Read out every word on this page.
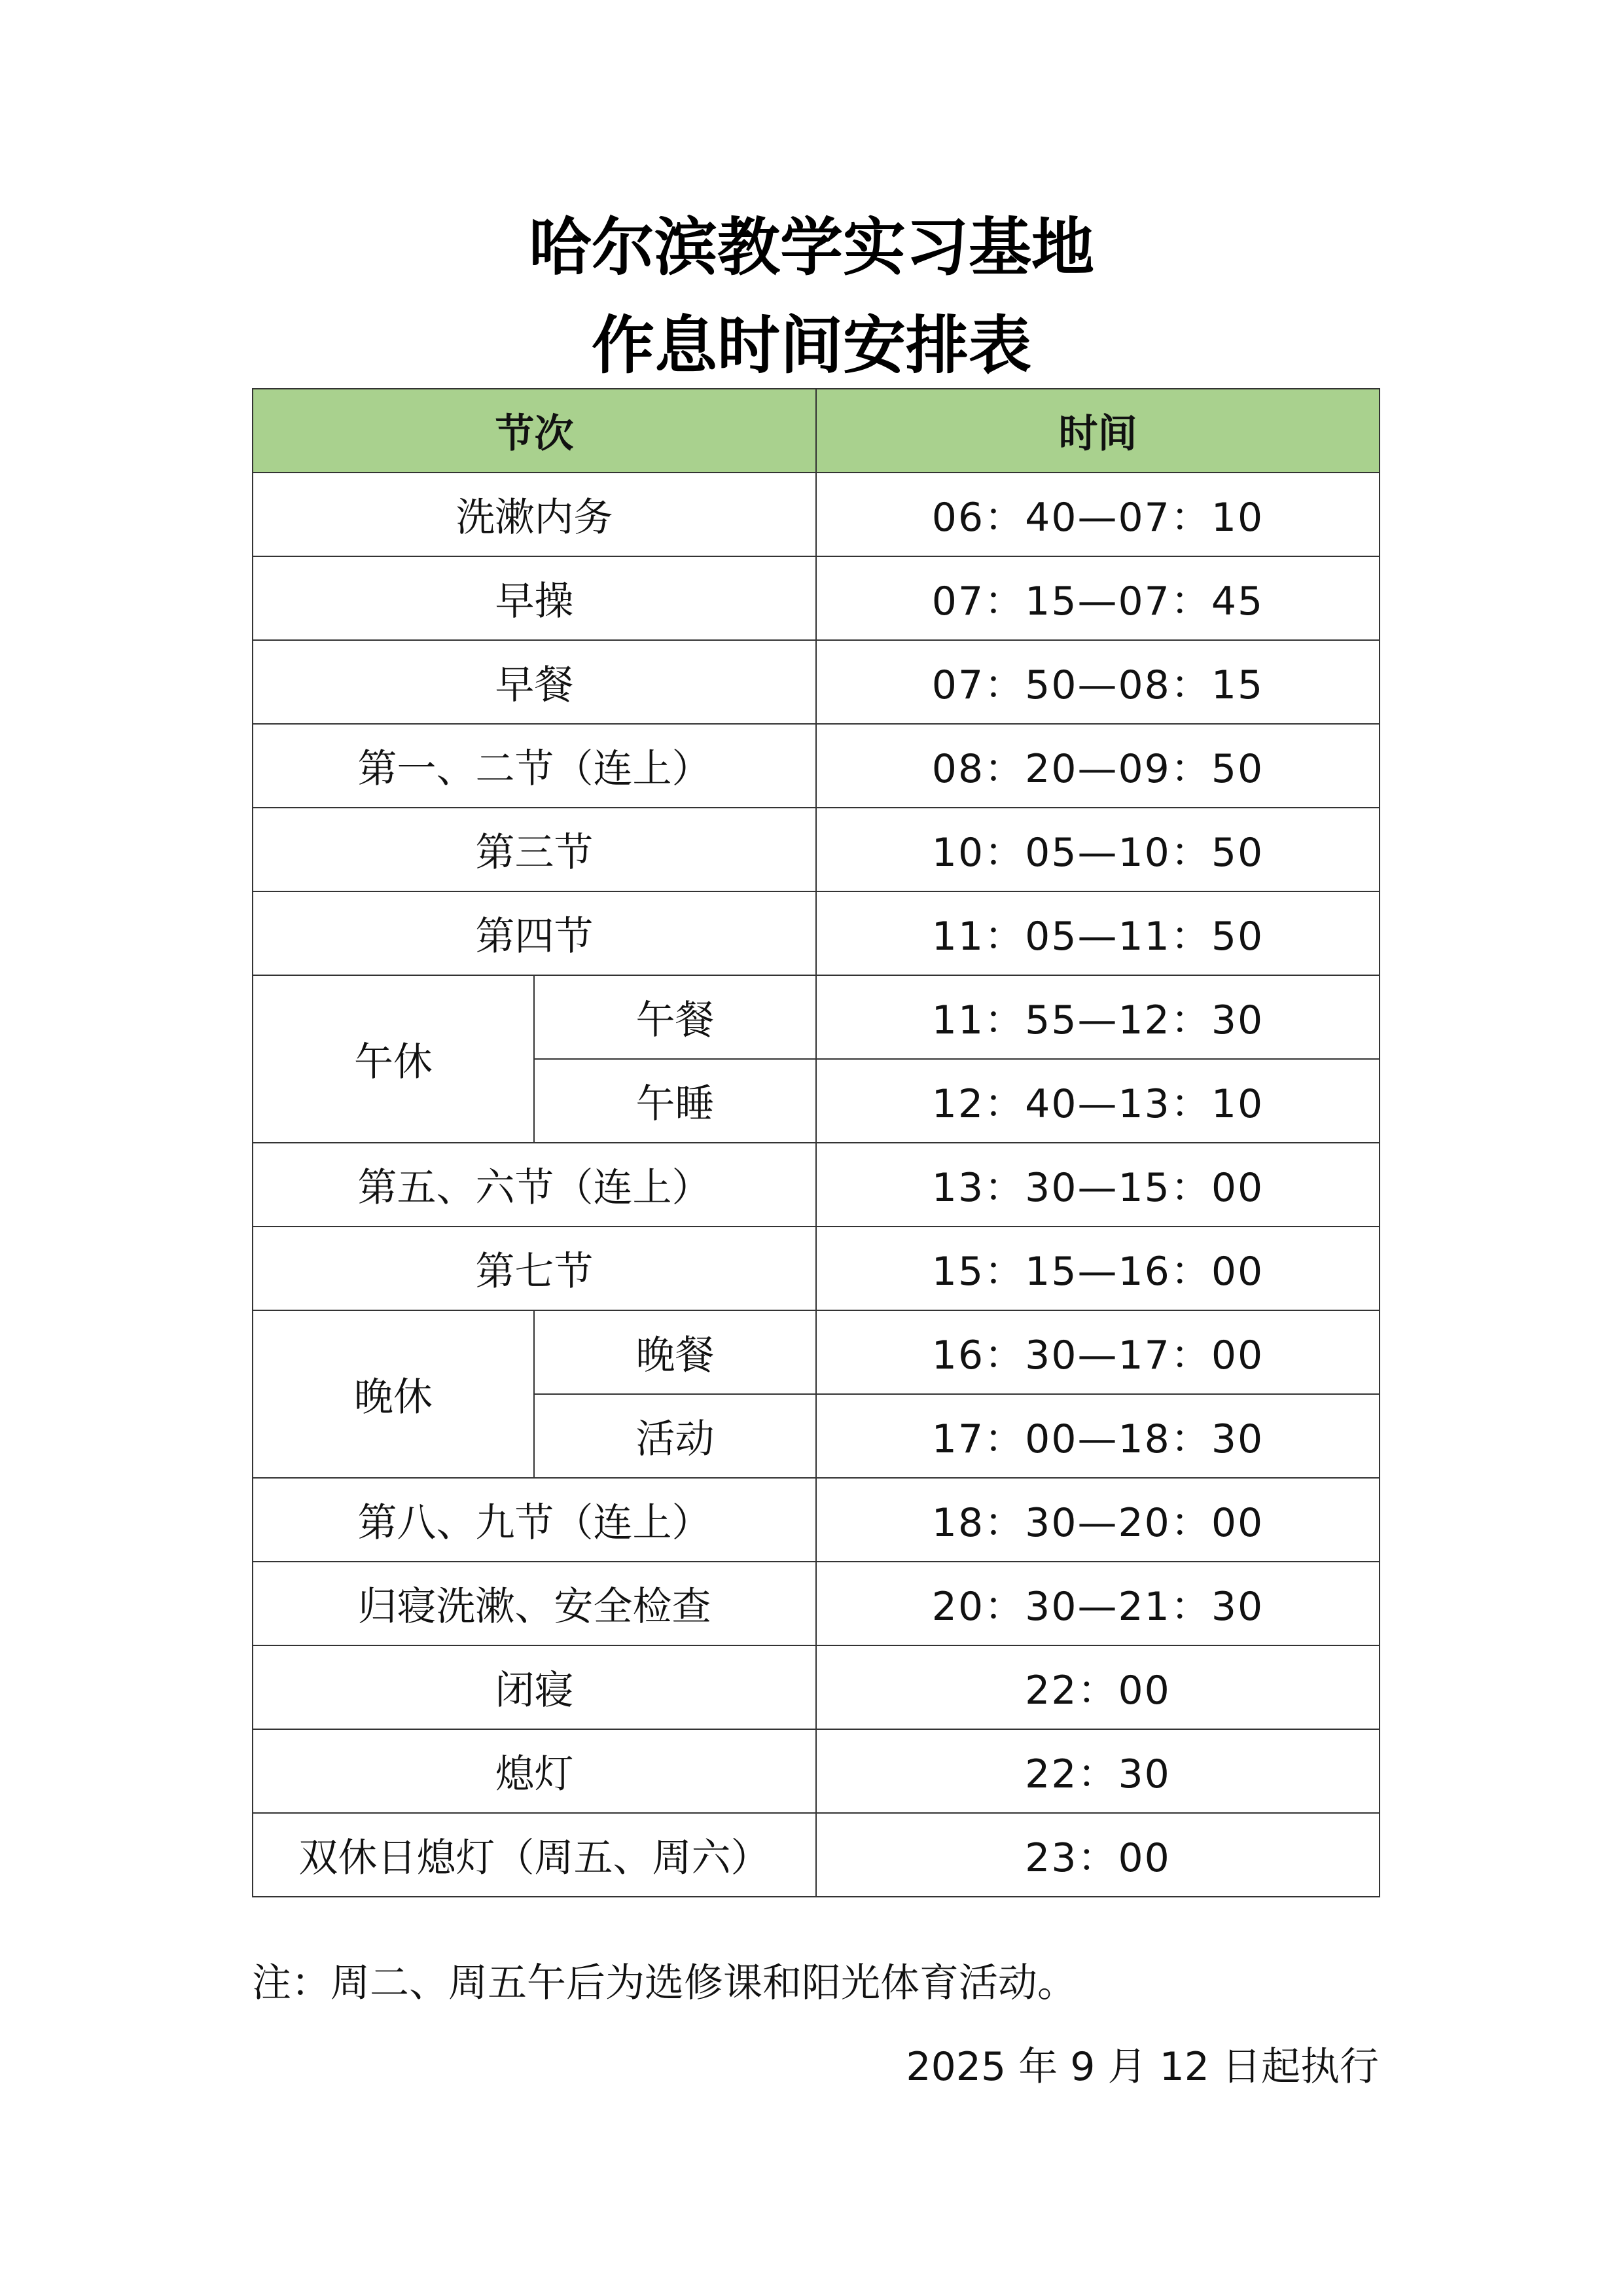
哈尔滨教学实习基地
作息时间安排表
节次		时间
洗漱内务		06：40—07：10
早操		07：15—07：45
早餐		07：50—08：15
第一、二节（连上）		08：20—09：50
第三节		10：05—10：50
第四节		11：05—11：50
午休	午餐	11：55—12：30
	午睡	12：40—13：10
第五、六节（连上）		13：30—15：00
第七节		15：15—16：00
晚休	晚餐	16：30—17：00
	活动	17：00—18：30
第八、九节（连上）		18：30—20：00
归寝洗漱、安全检查		20：30—21：30
闭寝		22：00
熄灯		22：30
双休日熄灯（周五、周六）		23：00
注：周二、周五午后为选修课和阳光体育活动。
2025 年 9 月 12 日起执行
